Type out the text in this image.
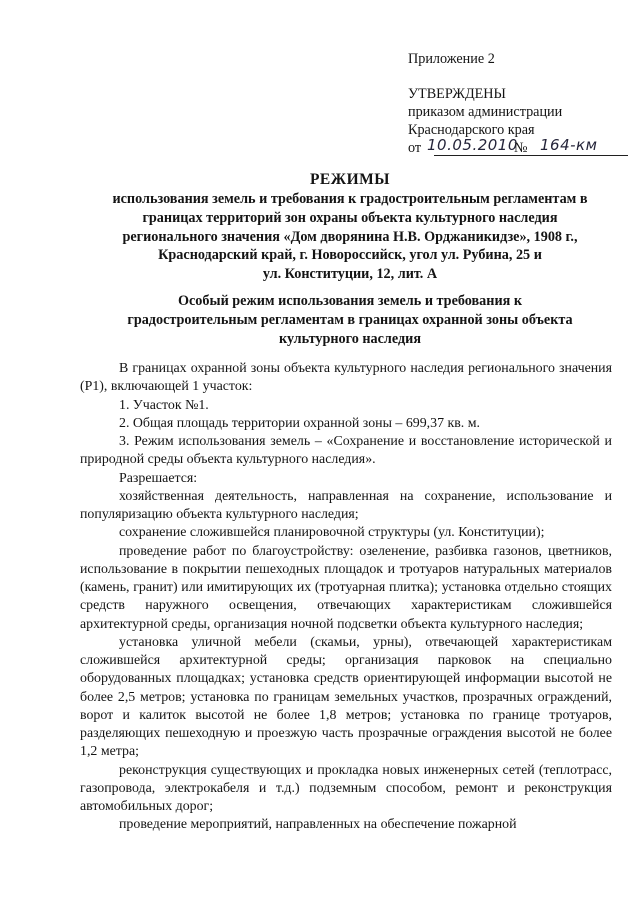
Приложение 2
УТВЕРЖДЕНЫ
приказом администрации
Краснодарского края
от 10.05.2010
№ 164-км
РЕЖИМЫ
использования земель и требования к градостроительным регламентам в
границах территорий зон охраны объекта культурного наследия
регионального значения «Дом дворянина Н.В. Орджаникидзе», 1908 г.,
Краснодарский край, г. Новороссийск, угол ул. Рубина, 25 и
ул. Конституции, 12, лит. А
Особый режим использования земель и требования к
градостроительным регламентам в границах охранной зоны объекта
культурного наследия

В границах охранной зоны объекта культурного наследия регионального значения (Р1), включающей 1 участок:

1. Участок №1.

2. Общая площадь территории охранной зоны – 699,37 кв. м.

3. Режим использования земель – «Сохранение и восстановление исторической и природной среды объекта культурного наследия».

Разрешается:

хозяйственная деятельность, направленная на сохранение, использование и популяризацию объекта культурного наследия;

сохранение сложившейся планировочной структуры (ул. Конституции);

проведение работ по благоустройству: озеленение, разбивка газонов, цветников, использование в покрытии пешеходных площадок и тротуаров натуральных материалов (камень, гранит) или имитирующих их (тротуарная плитка); установка отдельно стоящих средств наружного освещения, отвечающих характеристикам сложившейся архитектурной среды, организация ночной подсветки объекта культурного наследия;

установка уличной мебели (скамьи, урны), отвечающей характеристикам сложившейся архитектурной среды; организация парковок на специально оборудованных площадках; установка средств ориентирующей информации высотой не более 2,5 метров; установка по границам земельных участков, прозрачных ограждений, ворот и калиток высотой не более 1,8 метров; установка по границе тротуаров, разделяющих пешеходную и проезжую часть прозрачные ограждения высотой не более 1,2 метра;

реконструкция существующих и прокладка новых инженерных сетей (теплотрасс, газопровода, электрокабеля и т.д.) подземным способом, ремонт и реконструкция автомобильных дорог;

проведение мероприятий, направленных на обеспечение пожарной
